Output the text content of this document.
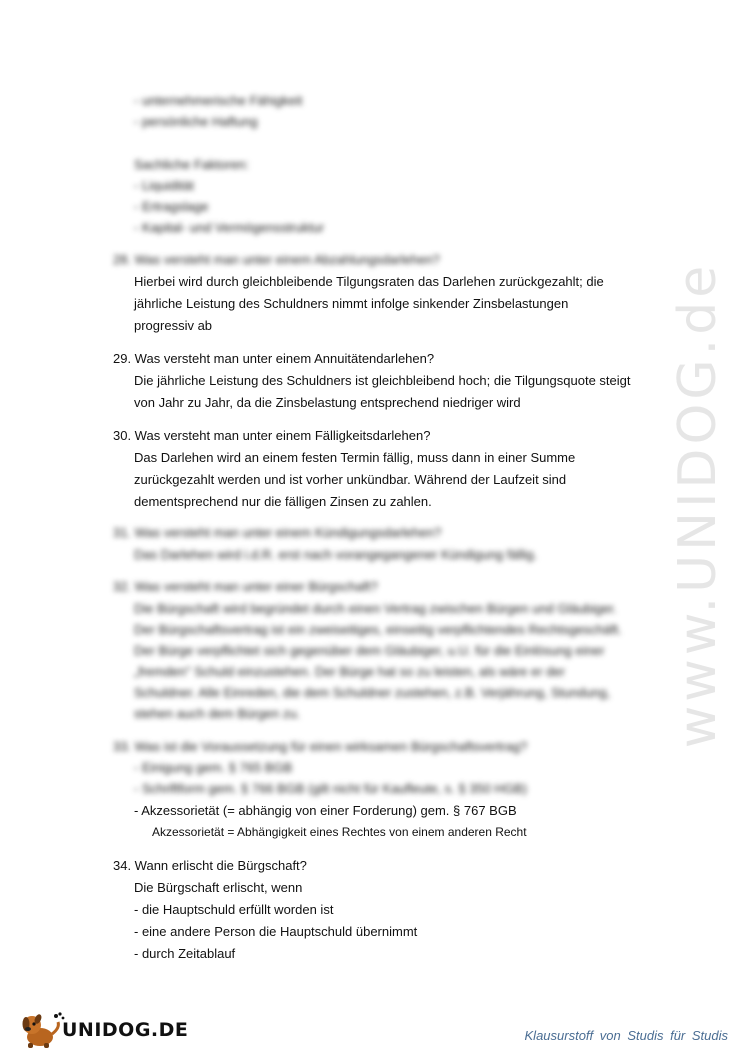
- unternehmerische Fähigkeit
- persönliche Haftung
Sachliche Faktoren:
- Liquidität
- Ertragslage
- Kapital- und Vermögensstruktur
28. Was versteht man unter einem Abzahlungsdarlehen?
Hierbei wird durch gleichbleibende Tilgungsraten das Darlehen zurückgezahlt; die
jährliche Leistung des Schuldners nimmt infolge sinkender Zinsbelastungen
progressiv ab
29. Was versteht man unter einem Annuitätendarlehen?
Die jährliche Leistung des Schuldners ist gleichbleibend hoch; die Tilgungsquote steigt
von Jahr zu Jahr, da die Zinsbelastung entsprechend niedriger wird
30. Was versteht man unter einem Fälligkeitsdarlehen?
Das Darlehen wird an einem festen Termin fällig, muss dann in einer Summe
zurückgezahlt werden und ist vorher unkündbar. Während der Laufzeit sind
dementsprechend nur die fälligen Zinsen zu zahlen.
31. Was versteht man unter einem Kündigungsdarlehen?
Das Darlehen wird i.d.R. erst nach vorangegangener Kündigung fällig.
32. Was versteht man unter einer Bürgschaft?
Die Bürgschaft wird begründet durch einen Vertrag zwischen Bürgen und Gläubiger.
Der Bürgschaftsvertrag ist ein zweiseitiges, einseitig verpflichtendes Rechtsgeschäft.
Der Bürge verpflichtet sich gegenüber dem Gläubiger, u.U. für die Einlösung einer
„fremden" Schuld einzustehen. Der Bürge hat so zu leisten, als wäre er der
Schuldner. Alle Einreden, die dem Schuldner zustehen, z.B. Verjährung, Stundung,
stehen auch dem Bürgen zu.
33. Was ist die Voraussetzung für einen wirksamen Bürgschaftsvertrag?
- Einigung gem. § 765 BGB
- Schriftform gem. § 766 BGB (gilt nicht für Kaufleute, s. § 350 HGB)
- Akzessorietät (= abhängig von einer Forderung) gem. § 767 BGB
Akzessorietät = Abhängigkeit eines Rechtes von einem anderen Recht
34. Wann erlischt die Bürgschaft?
Die Bürgschaft erlischt, wenn
- die Hauptschuld erfüllt worden ist
- eine andere Person die Hauptschuld übernimmt
- durch Zeitablauf
www.UNIDOG.de
UNIDOG.DE	Klausurstoff von Studis für Studis
